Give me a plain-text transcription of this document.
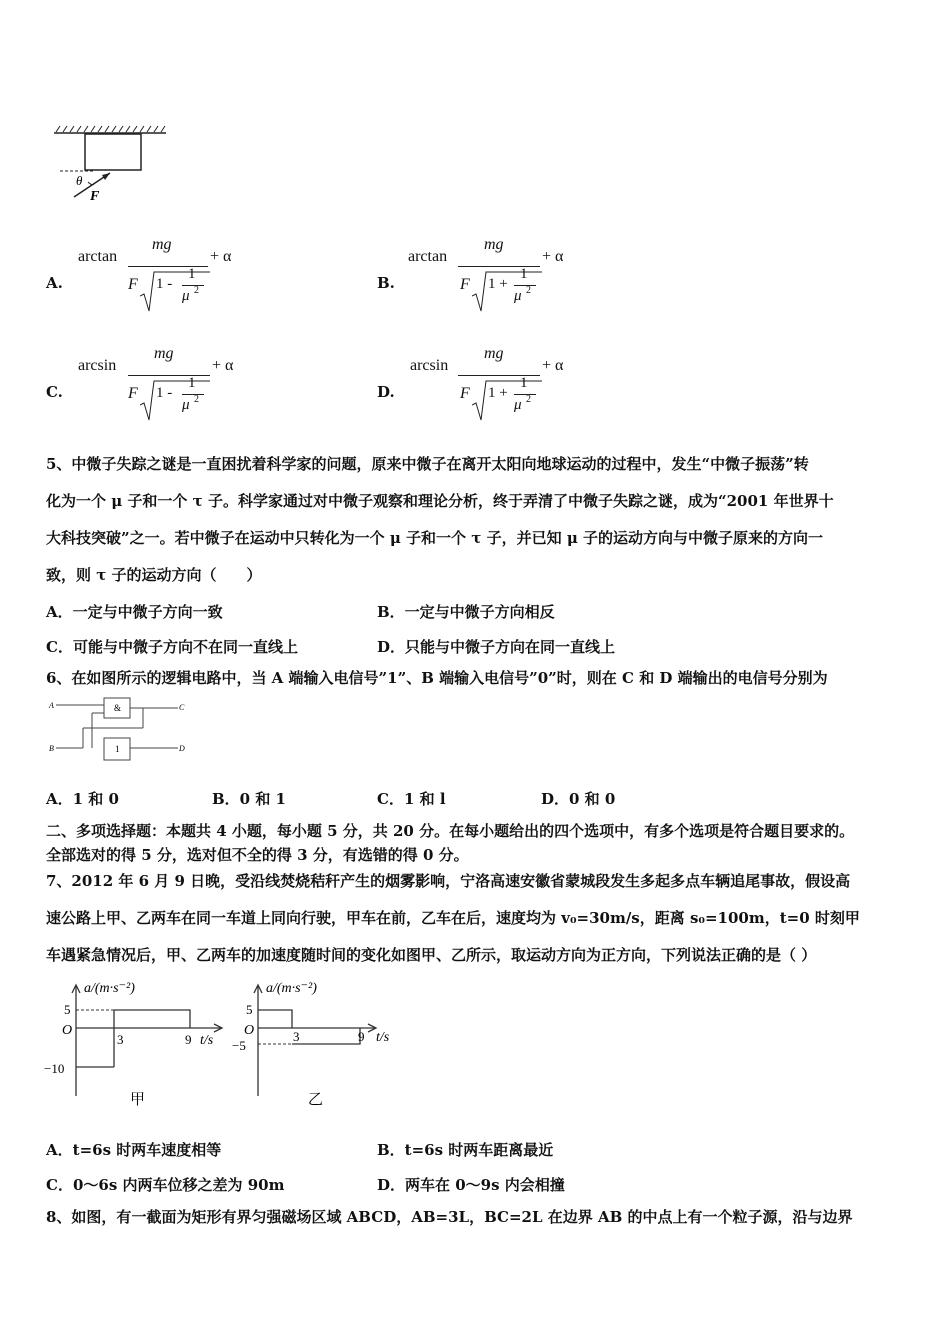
θ
F
A.
arctan
mg
F 1 -
1
μ 2
+ α
B.
arctan
mg
F 1 +
1
μ 2
+ α
C.
arcsin
mg
F 1 -
1
μ 2
+ α
D.
arcsin
mg
F 1 +
1
μ 2
+ α
5、中微子失踪之谜是一直困扰着科学家的问题，原来中微子在离开太阳向地球运动的过程中，发生“中微子振荡”转
化为一个 μ 子和一个 τ 子。科学家通过对中微子观察和理论分析，终于弄清了中微子失踪之谜，成为“2001 年世界十
大科技突破”之一。若中微子在运动中只转化为一个 μ 子和一个 τ 子，并已知 μ 子的运动方向与中微子原来的方向一
致，则 τ 子的运动方向（　　）
A．一定与中微子方向一致	B．一定与中微子方向相反
C．可能与中微子方向不在同一直线上	D．只能与中微子方向在同一直线上
6、在如图所示的逻辑电路中，当 A 端输入电信号”1”、B 端输入电信号”0”时，则在 C 和 D 端输出的电信号分别为
A	C
B	D
&
1
A．1 和 0	B．0 和 1	C．1 和 l	D．0 和 0
二、多项选择题：本题共 4 小题，每小题 5 分，共 20 分。在每小题给出的四个选项中，有多个选项是符合题目要求的。
全部选对的得 5 分，选对但不全的得 3 分，有选错的得 0 分。
7、2012 年 6 月 9 日晚，受沿线焚烧秸秆产生的烟雾影响，宁洛高速安徽省蒙城段发生多起多点车辆追尾事故，假设高
速公路上甲、乙两车在同一车道上同向行驶，甲车在前，乙车在后，速度均为 v₀=30m/s，距离 s₀=100m，t=0 时刻甲
车遇紧急情况后，甲、乙两车的加速度随时间的变化如图甲、乙所示，取运动方向为正方向，下列说法正确的是（ ）
a/(m·s⁻²)
t/s
O
5
−10
3	9
甲
a/(m·s⁻²)
t/s
O
5
−5
3	9
乙
A．t=6s 时两车速度相等	B．t=6s 时两车距离最近
C．0～6s 内两车位移之差为 90m	D．两车在 0～9s 内会相撞
8、如图，有一截面为矩形有界匀强磁场区域 ABCD，AB=3L，BC=2L 在边界 AB 的中点上有一个粒子源，沿与边界
